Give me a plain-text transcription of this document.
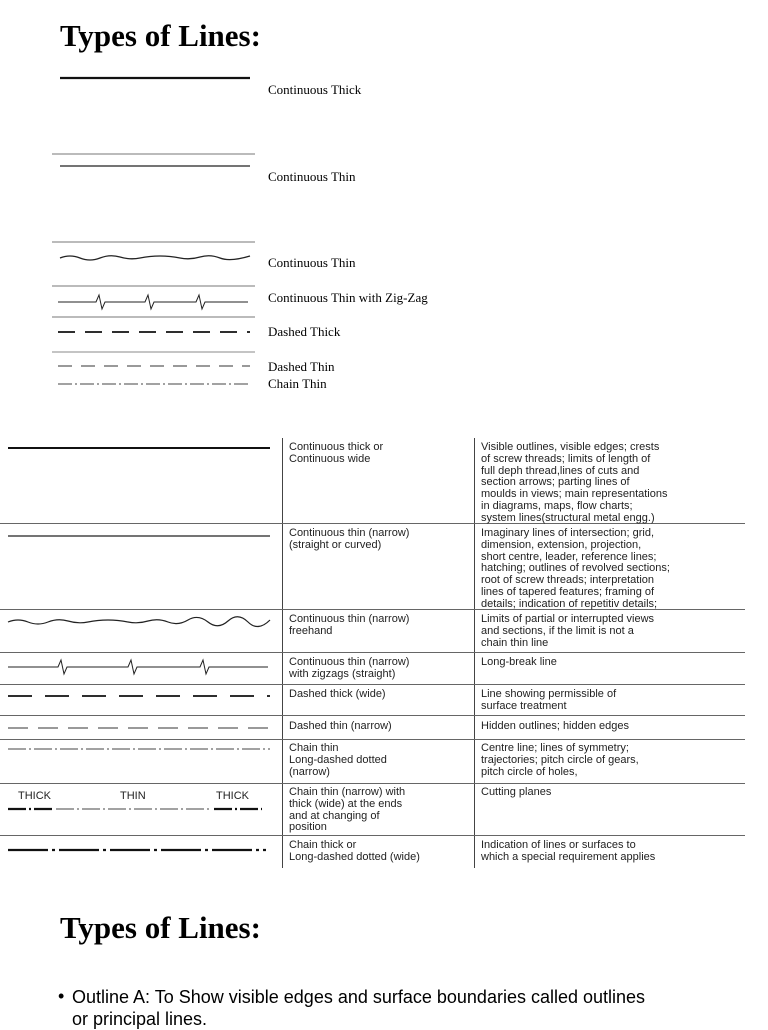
Types of Lines:
Continuous Thick
Continuous Thin
Continuous Thin
Continuous Thin with Zig-Zag
Dashed Thick
Dashed Thin
Chain Thin
THICK	THIN	THICK
Continuous thick or
Continuous wide
Continuous thin (narrow)
(straight or curved)
Continuous thin (narrow)
freehand
Continuous thin (narrow)
with zigzags (straight)
Dashed thick (wide)
Dashed thin (narrow)
Chain thin
Long-dashed dotted
(narrow)
Chain thin (narrow) with
thick (wide) at the ends
and at changing of
position
Chain thick or
Long-dashed dotted (wide)
Visible outlines, visible edges; crests
of screw threads; limits of length of
full deph thread,lines of cuts and
section arrows; parting lines of
moulds in views; main representations
in diagrams, maps, flow charts;
system lines(structural metal engg.)
Imaginary lines of intersection; grid,
dimension, extension, projection,
short centre, leader, reference lines;
hatching; outlines of revolved sections;
root of screw threads; interpretation
lines of tapered features; framing of
details; indication of repetitiv details;
Limits of partial or interrupted views
and sections, if the limit is not a
chain thin line
Long-break line
Line showing permissible of
surface treatment
Hidden outlines; hidden edges
Centre line; lines of symmetry;
trajectories; pitch circle of gears,
pitch circle of holes,
Cutting planes
Indication of lines or surfaces to
which a special requirement applies
Types of Lines:
• Outline A: To Show visible edges and surface boundaries called outlines
or principal lines.
